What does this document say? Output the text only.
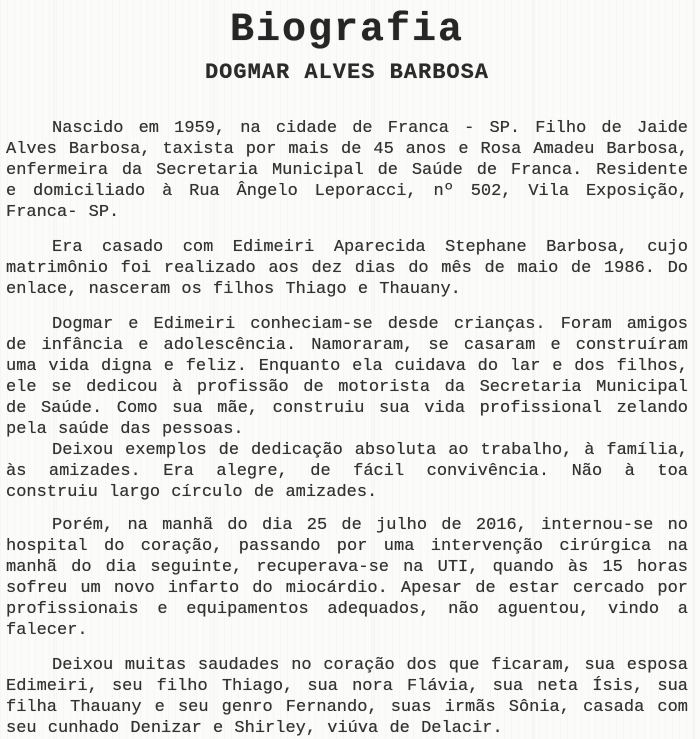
Biografia
DOGMAR ALVES BARBOSA

Nascido em 1959, na cidade de Franca - SP. Filho de Jaide Alves Barbosa, taxista por mais de 45 anos e Rosa Amadeu Barbosa, enfermeira da Secretaria Municipal de Saúde de Franca. Residente e domiciliado à Rua Ângelo Leporacci, nº 502, Vila Exposição, Franca- SP.

Era casado com Edimeiri Aparecida Stephane Barbosa, cujo matrimônio foi realizado aos dez dias do mês de maio de 1986. Do enlace, nasceram os filhos Thiago e Thauany.

Dogmar e Edimeiri conheciam-se desde crianças. Foram amigos de infância e adolescência. Namoraram, se casaram e construíram uma vida digna e feliz. Enquanto ela cuidava do lar e dos filhos, ele se dedicou à profissão de motorista da Secretaria Municipal de Saúde. Como sua mãe, construiu sua vida profissional zelando pela saúde das pessoas.

Deixou exemplos de dedicação absoluta ao trabalho, à família, às amizades. Era alegre, de fácil convivência. Não à toa construiu largo círculo de amizades.

Porém, na manhã do dia 25 de julho de 2016, internou-se no hospital do coração, passando por uma intervenção cirúrgica na manhã do dia seguinte, recuperava-se na UTI, quando às 15 horas sofreu um novo infarto do miocárdio. Apesar de estar cercado por profissionais e equipamentos adequados, não aguentou, vindo a falecer.

Deixou muitas saudades no coração dos que ficaram, sua esposa Edimeiri, seu filho Thiago, sua nora Flávia, sua neta Ísis, sua filha Thauany e seu genro Fernando, suas irmãs Sônia, casada com seu cunhado Denizar e Shirley, viúva de Delacir.
